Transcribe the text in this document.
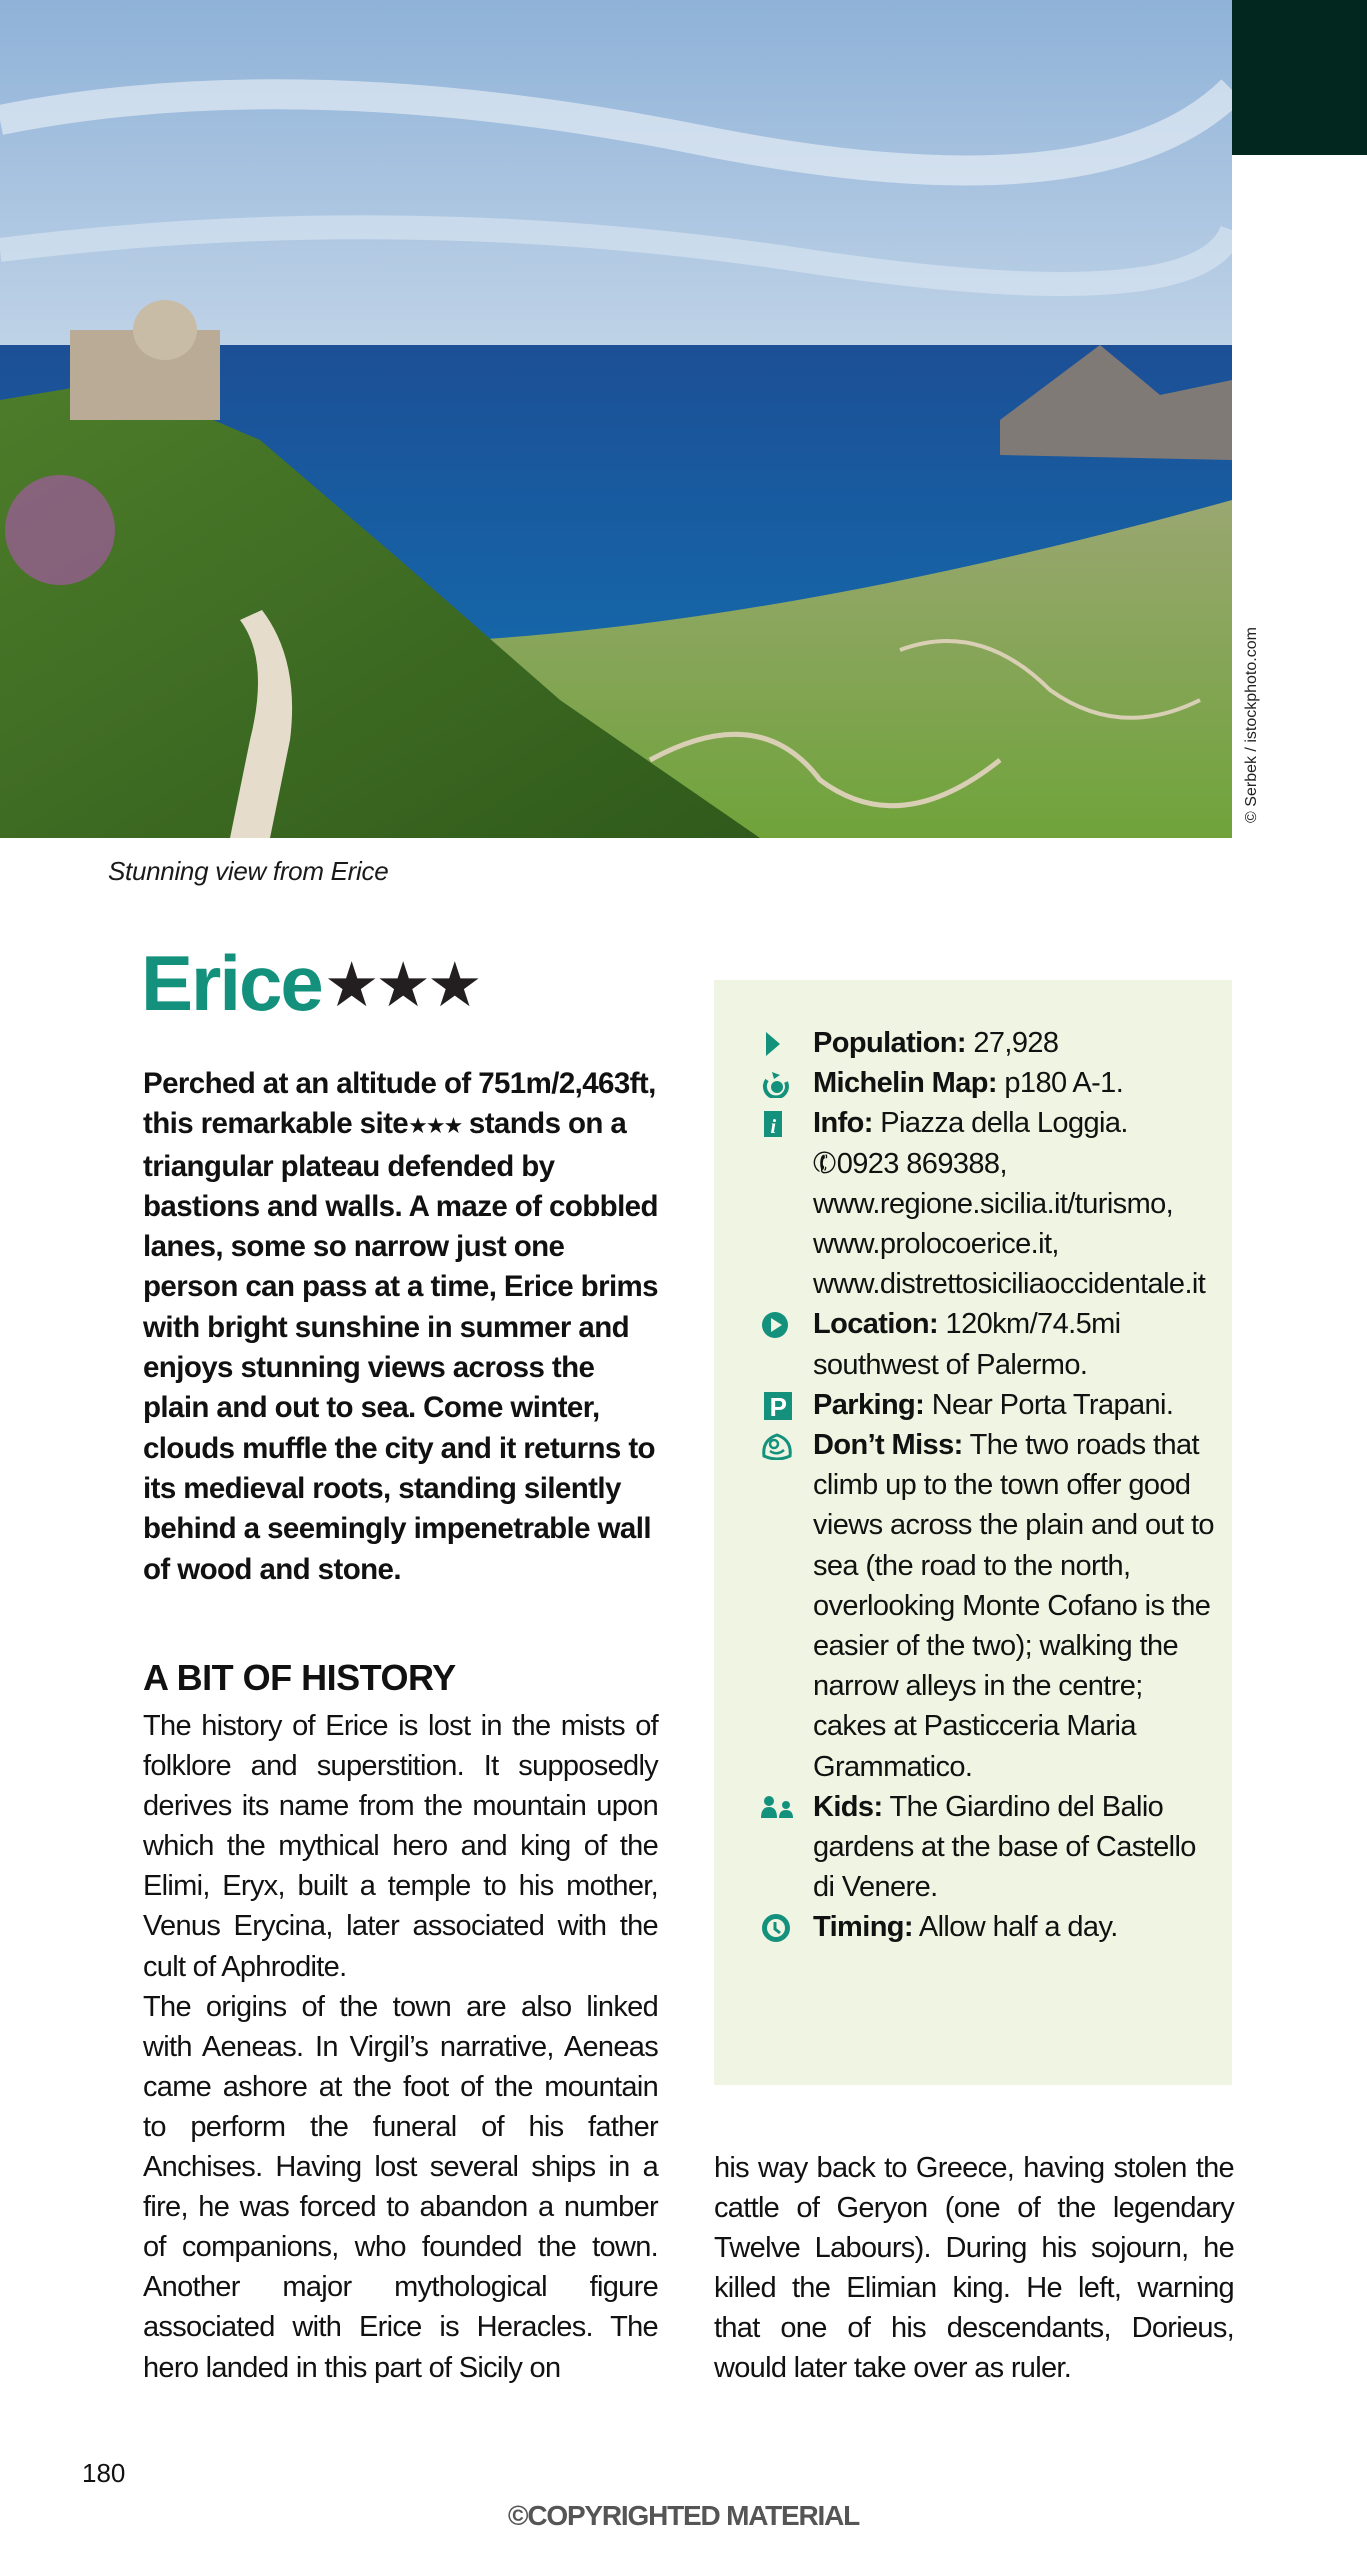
© Serbek / istockphoto.com
Stunning view from Erice
Erice★★★
Perched at an altitude of 751m/2,463ft, this remarkable site★★★ stands on a triangular plateau defended by bastions and walls. A maze of cobbled lanes, some so narrow just one person can pass at a time, Erice brims with bright sunshine in summer and enjoys stunning views across the plain and out to sea. Come winter, clouds muffle the city and it returns to its medieval roots, standing silently behind a seemingly impenetrable wall of wood and stone.
A BIT OF HISTORY

The history of Erice is lost in the mists of folklore and superstition. It supposedly derives its name from the mountain upon which the mythical hero and king of the Elimi, Eryx, built a temple to his mother, Venus Erycina, later associated with the cult of Aphrodite.

The origins of the town are also linked with Aeneas. In Virgil’s narrative, Aeneas came ashore at the foot of the mountain to perform the funeral of his father Anchises. Having lost several ships in a fire, he was forced to abandon a number of companions, who founded the town. Another major mythological figure associated with Erice is Heracles. The hero landed in this part of Sicily on

Population: 27,928
Michelin Map: p180 A-1.
i Info: Piazza della Loggia.
✆0923 869388, www.regione.sicilia.it/turismo, www.prolocoerice.it, www.distrettosiciliaoccidentale.it
Location: 120km/74.5mi southwest of Palermo.
P Parking: Near Porta Trapani.
Don’t Miss: The two roads that climb up to the town offer good views across the plain and out to sea (the road to the north, overlooking Monte Cofano is the easier of the two); walking the narrow alleys in the centre; cakes at Pasticceria Maria Grammatico.
Kids: The Giardino del Balio gardens at the base of Castello di Venere.
Timing: Allow half a day.
his way back to Greece, having stolen the cattle of Geryon (one of the legendary Twelve Labours). During his sojourn, he killed the Elimian king. He left, warning that one of his descendants, Dorieus, would later take over as ruler.
180
©COPYRIGHTED MATERIAL
